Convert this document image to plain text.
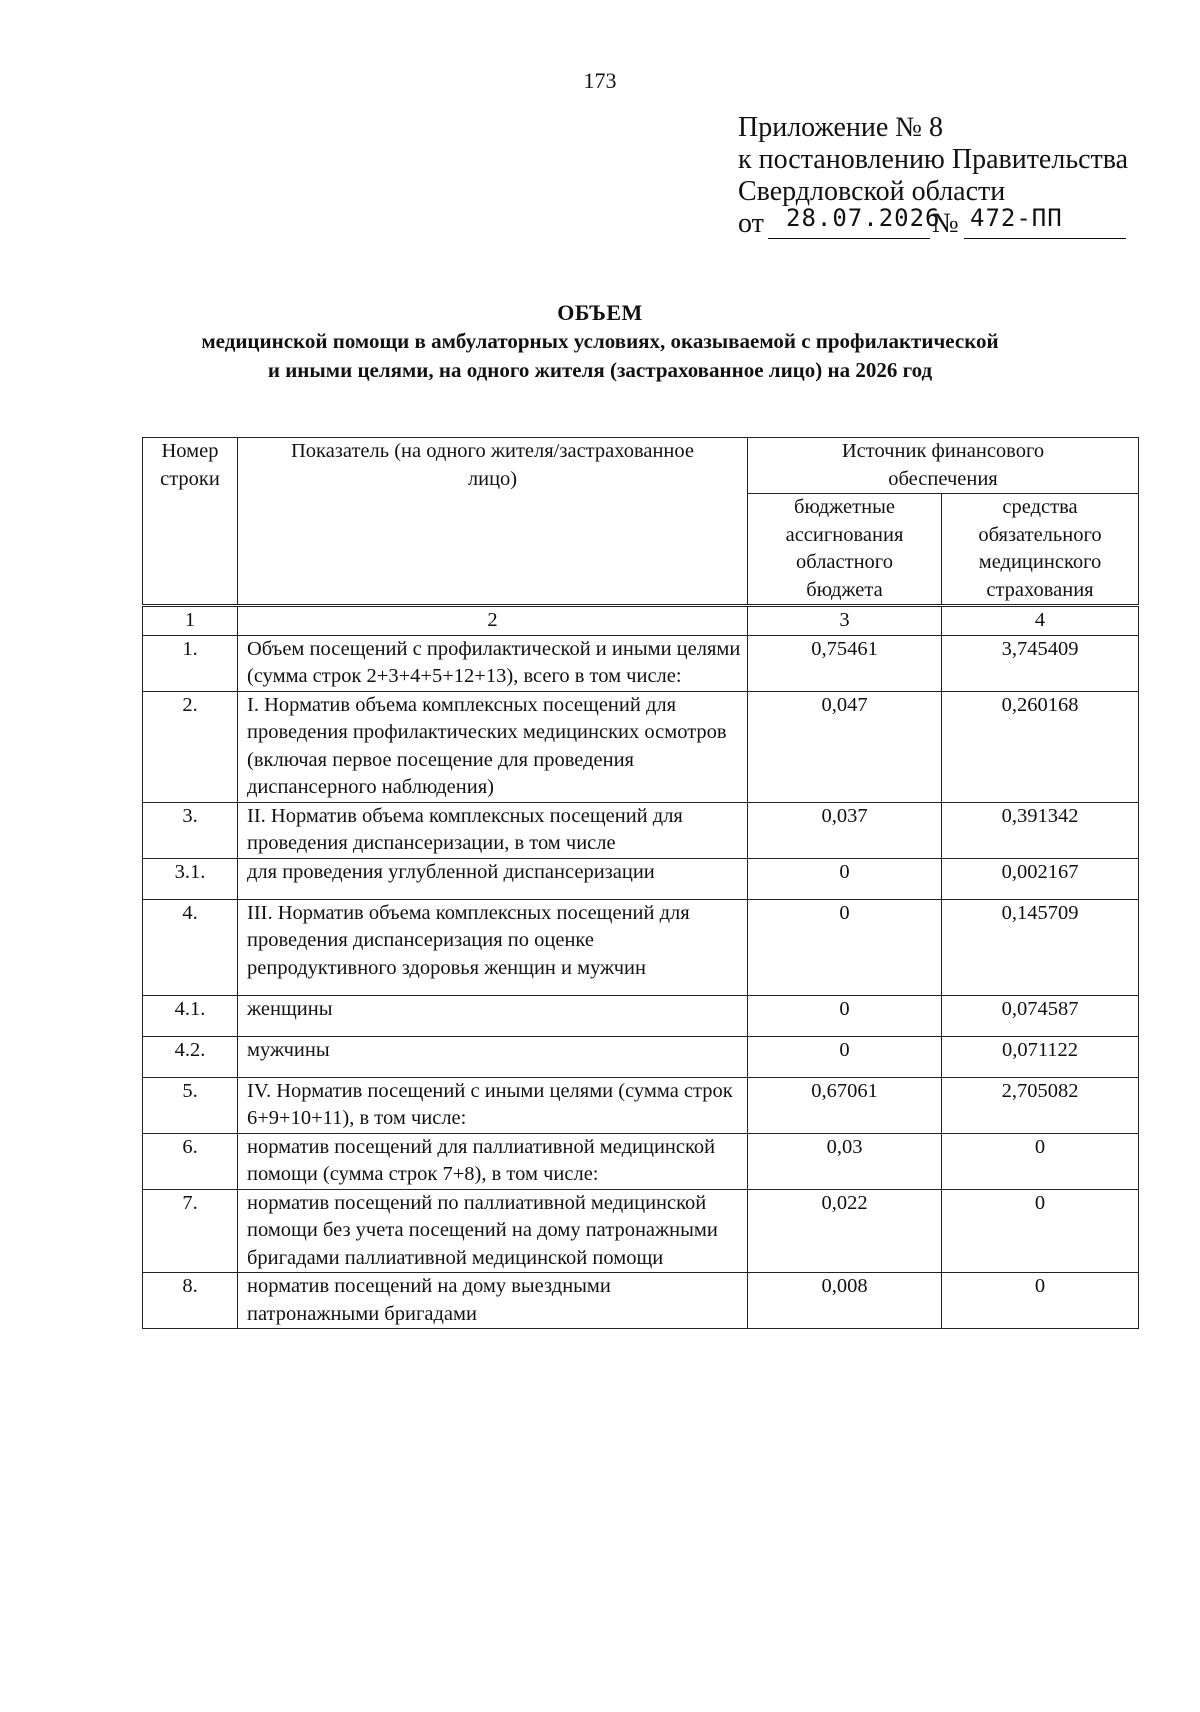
173
Приложение № 8
к постановлению Правительства
Свердловской области
от 28.07.2026
№ 472-ПП
ОБЪЕМ
медицинской помощи в амбулаторных условиях, оказываемой с профилактической
и иными целями, на одного жителя (застрахованное лицо) на 2026 год
Номер строки	Показатель (на одного жителя/застрахованное лицо)	Источник финансового обеспечения	
		бюджетные ассигнования областного бюджета	средства обязательного медицинского страхования
1	2	3	4
1.	Объем посещений с профилактической и иными целями (сумма строк 2+3+4+5+12+13), всего в том числе:	0,75461	3,745409
2.	I. Норматив объема комплексных посещений для проведения профилактических медицинских осмотров (включая первое посещение для проведения диспансерного наблюдения)	0,047	0,260168
3.	II. Норматив объема комплексных посещений для проведения диспансеризации, в том числе	0,037	0,391342
3.1.	для проведения углубленной диспансеризации	0	0,002167
4.	III. Норматив объема комплексных посещений для проведения диспансеризация по оценке репродуктивного здоровья женщин и мужчин	0	0,145709
4.1.	женщины	0	0,074587
4.2.	мужчины	0	0,071122
5.	IV. Норматив посещений с иными целями (сумма строк 6+9+10+11), в том числе:	0,67061	2,705082
6.	норматив посещений для паллиативной медицинской помощи (сумма строк 7+8), в том числе:	0,03	0
7.	норматив посещений по паллиативной медицинской помощи без учета посещений на дому патронажными бригадами паллиативной медицинской помощи	0,022	0
8.	норматив посещений на дому выездными патронажными бригадами	0,008	0
